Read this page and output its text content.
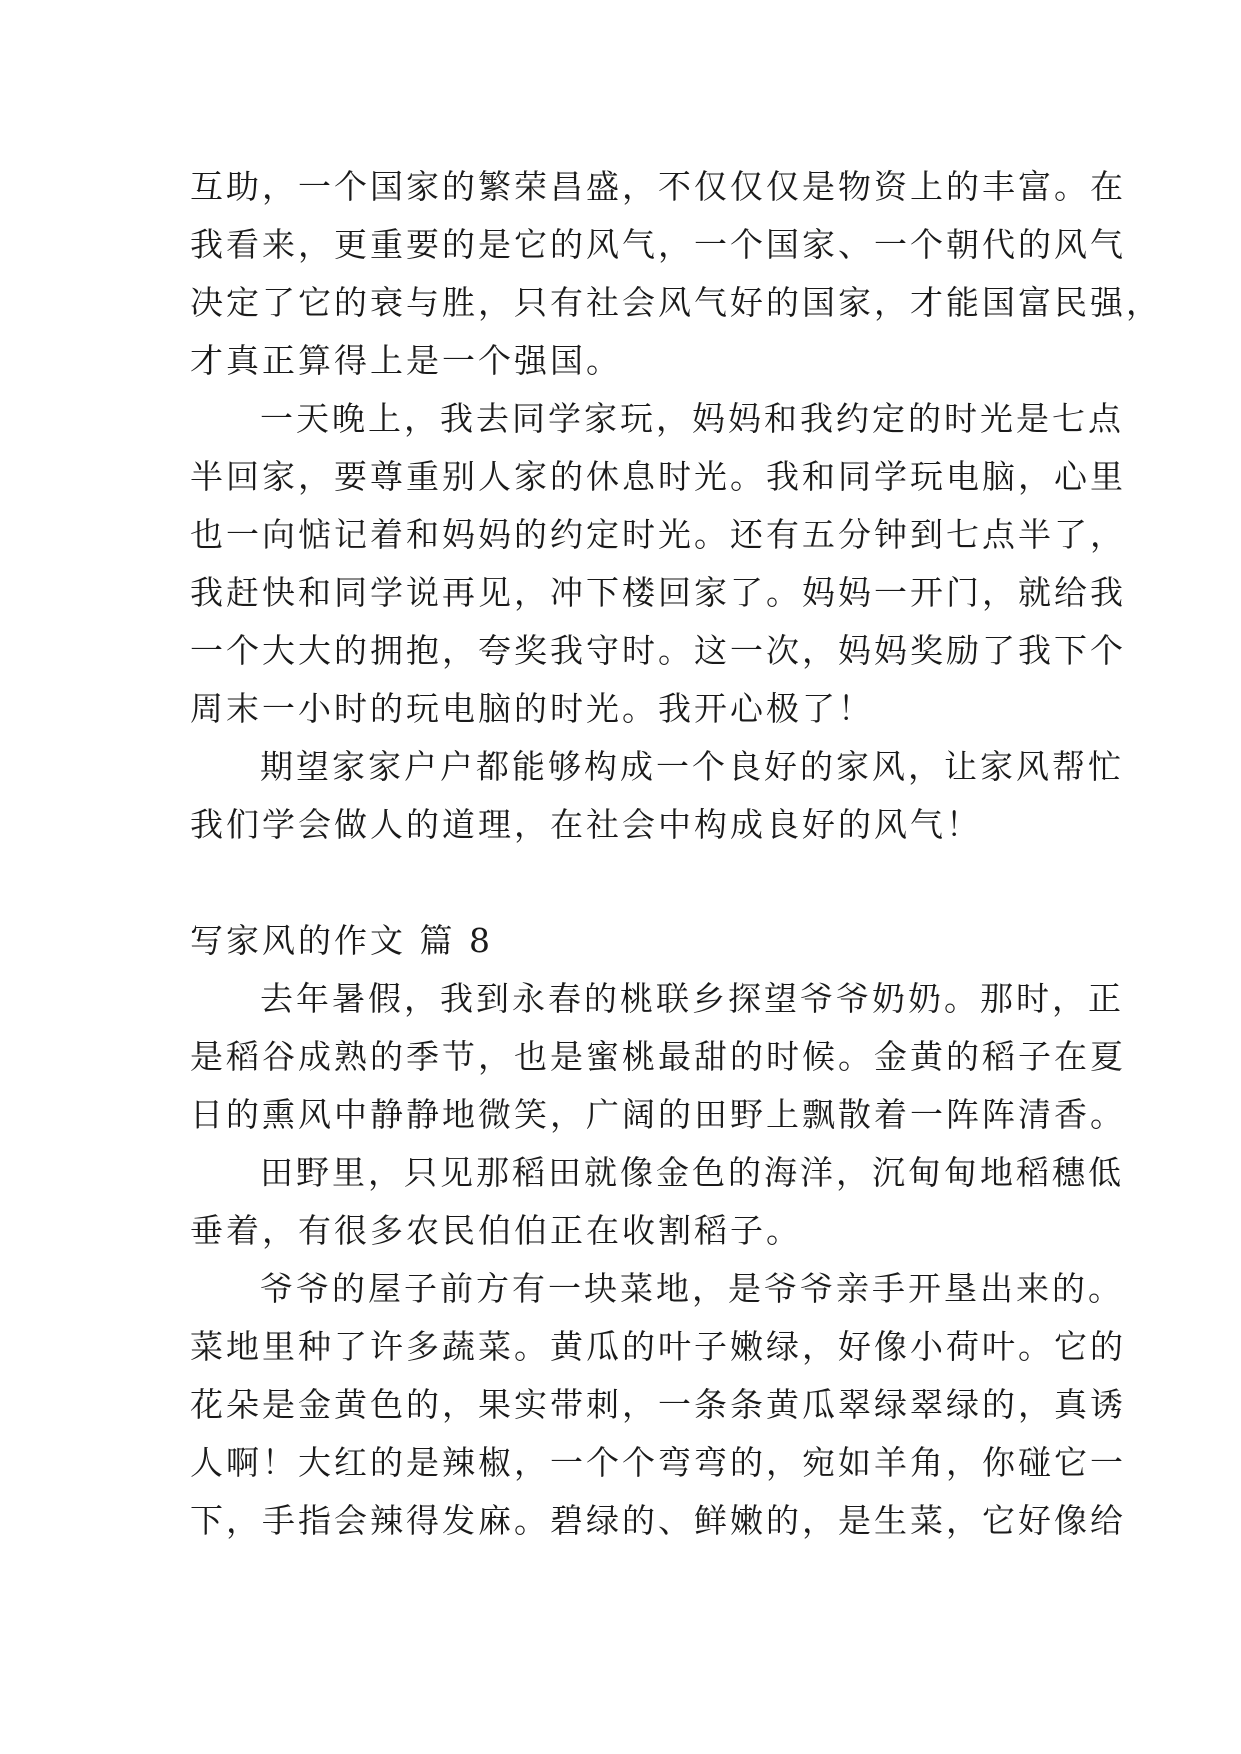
互助，一个国家的繁荣昌盛，不仅仅仅是物资上的丰富。在
我看来，更重要的是它的风气，一个国家、一个朝代的风气
决定了它的衰与胜，只有社会风气好的国家，才能国富民强，
才真正算得上是一个强国。
一天晚上，我去同学家玩，妈妈和我约定的时光是七点
半回家，要尊重别人家的休息时光。我和同学玩电脑，心里
也一向惦记着和妈妈的约定时光。还有五分钟到七点半了，
我赶快和同学说再见，冲下楼回家了。妈妈一开门，就给我
一个大大的拥抱，夸奖我守时。这一次，妈妈奖励了我下个
周末一小时的玩电脑的时光。我开心极了！
期望家家户户都能够构成一个良好的家风，让家风帮忙
我们学会做人的道理，在社会中构成良好的风气！
写家风的作文 篇 8
去年暑假，我到永春的桃联乡探望爷爷奶奶。那时，正
是稻谷成熟的季节，也是蜜桃最甜的时候。金黄的稻子在夏
日的熏风中静静地微笑，广阔的田野上飘散着一阵阵清香。
田野里，只见那稻田就像金色的海洋，沉甸甸地稻穗低
垂着，有很多农民伯伯正在收割稻子。
爷爷的屋子前方有一块菜地，是爷爷亲手开垦出来的。
菜地里种了许多蔬菜。黄瓜的叶子嫩绿，好像小荷叶。它的
花朵是金黄色的，果实带刺，一条条黄瓜翠绿翠绿的，真诱
人啊！大红的是辣椒，一个个弯弯的，宛如羊角，你碰它一
下，手指会辣得发麻。碧绿的、鲜嫩的，是生菜，它好像给
